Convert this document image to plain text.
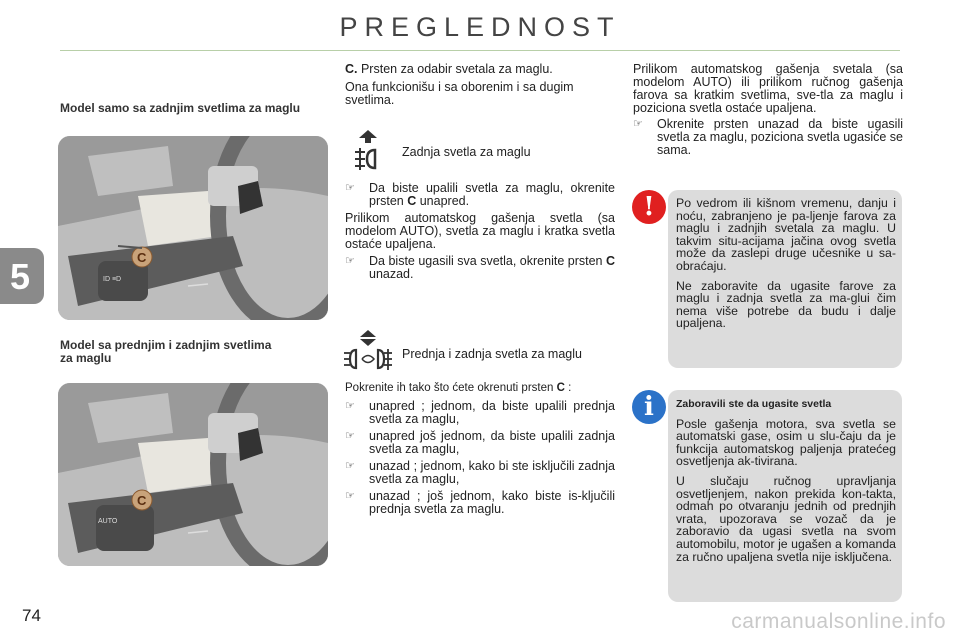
PREGLEDNOST
5
Model samo sa zadnjim svetlima za maglu
ID ≡D
C
Model sa prednjim i zadnjim svetlima za maglu
AUTO
C

C. Prsten za odabir svetala za maglu.

Ona funkcionišu i sa oborenim i sa dugim svetlima.

Zadnja svetla za maglu
☞	Da biste upalili svetla za maglu, okrenite prsten C unapred.

Prilikom automatskog gašenja svetla (sa modelom AUTO), svetla za maglu i kratka svetla ostaće upaljena.

☞	Da biste ugasili sva svetla, okrenite prsten C unazad.
Prednja i zadnja svetla za maglu

Pokrenite ih tako što ćete okrenuti prsten C :

☞	unapred ; jednom, da biste upalili prednja svetla za maglu,
☞	unapred još jednom, da biste upalili zadnja svetla za maglu,
☞	unazad ; jednom, kako bi ste isključili zadnja svetla za maglu,
☞	unazad ; još jednom, kako biste is-ključili prednja svetla za maglu.

Prilikom automatskog gašenja svetala (sa modelom AUTO) ili prilikom ručnog gašenja farova sa kratkim svetlima, sve-tla za maglu i poziciona svetla ostaće upaljena.

☞	Okrenite prsten unazad da biste ugasili svetla za maglu, poziciona svetla ugasiće se sama.

Po vedrom ili kišnom vremenu, danju i noću, zabranjeno je pa-ljenje farova za maglu i zadnjih svetala za maglu. U takvim situ-acijama jačina ovog svetla može da zaslepi druge učesnike u sa-obraćaju.

Ne zaboravite da ugasite farove za maglu i zadnja svetla za ma-glui čim nema više potrebe da budu i dalje upaljena.

!

Zaboravili ste da ugasite svetla

Posle gašenja motora, sva svetla se automatski gase, osim u slu-čaju da je funkcija automatskog paljenja pratećeg osvetljenja ak-tivirana.

U slučaju ručnog upravljanja osvetljenjem, nakon prekida kon-takta, odmah po otvaranju jednih od prednjih vrata, upozorava se vozač da je zaboravio da ugasi svetla na svom automobilu, motor je ugašen a komanda za ručno upaljena svetla nije isključena.

i
74	carmanualsonline.info
